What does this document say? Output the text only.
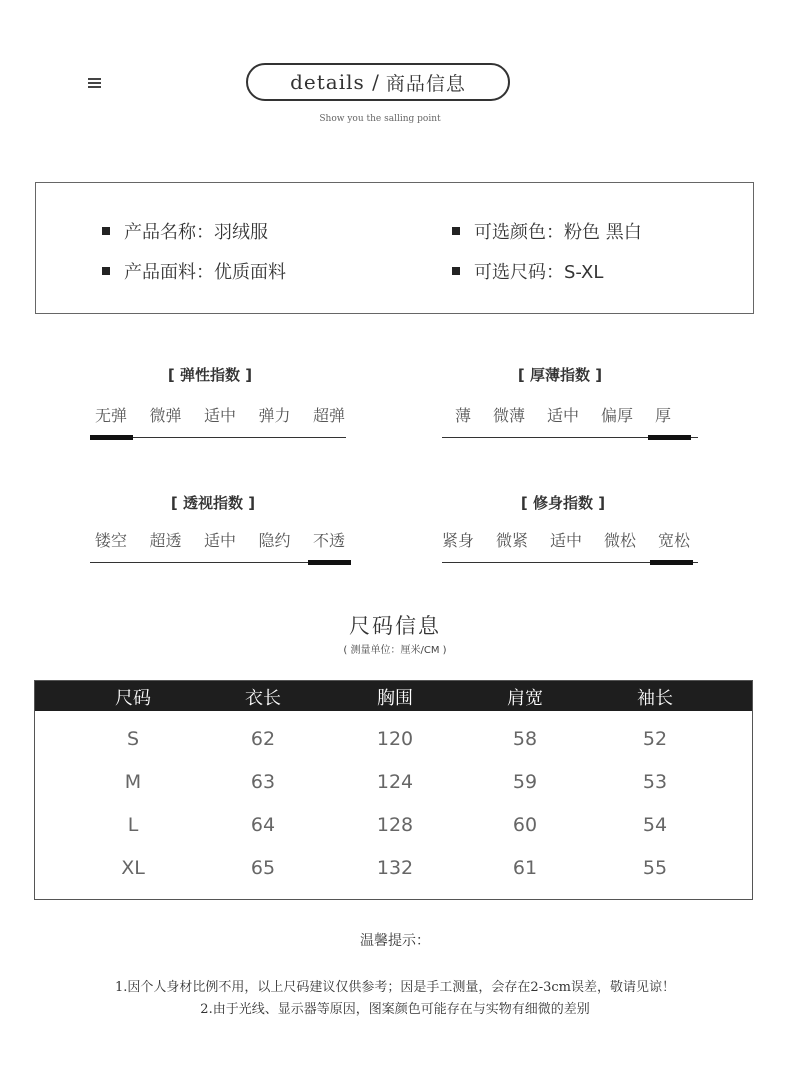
details / 商品信息
Show you the salling point
产品名称：羽绒服
产品面料：优质面料
可选颜色：粉色 黑白
可选尺码：S-XL
[ 弹性指数 ]
无弹 微弹 适中 弹力 超弹
[ 厚薄指数 ]
薄 微薄 适中 偏厚 厚
[ 透视指数 ]
镂空 超透 适中 隐约 不透
[ 修身指数 ]
紧身 微紧 适中 微松 宽松
尺码信息
( 测量单位：厘米/CM )
尺码	衣长	胸围	肩宽	袖长
S	62	120	58	52
M	63	124	59	53
L	64	128	60	54
XL	65	132	61	55
温馨提示：
1.因个人身材比例不用，以上尺码建议仅供参考；因是手工测量，会存在2-3cm误差，敬请见谅！
2.由于光线、显示器等原因，图案颜色可能存在与实物有细微的差别
